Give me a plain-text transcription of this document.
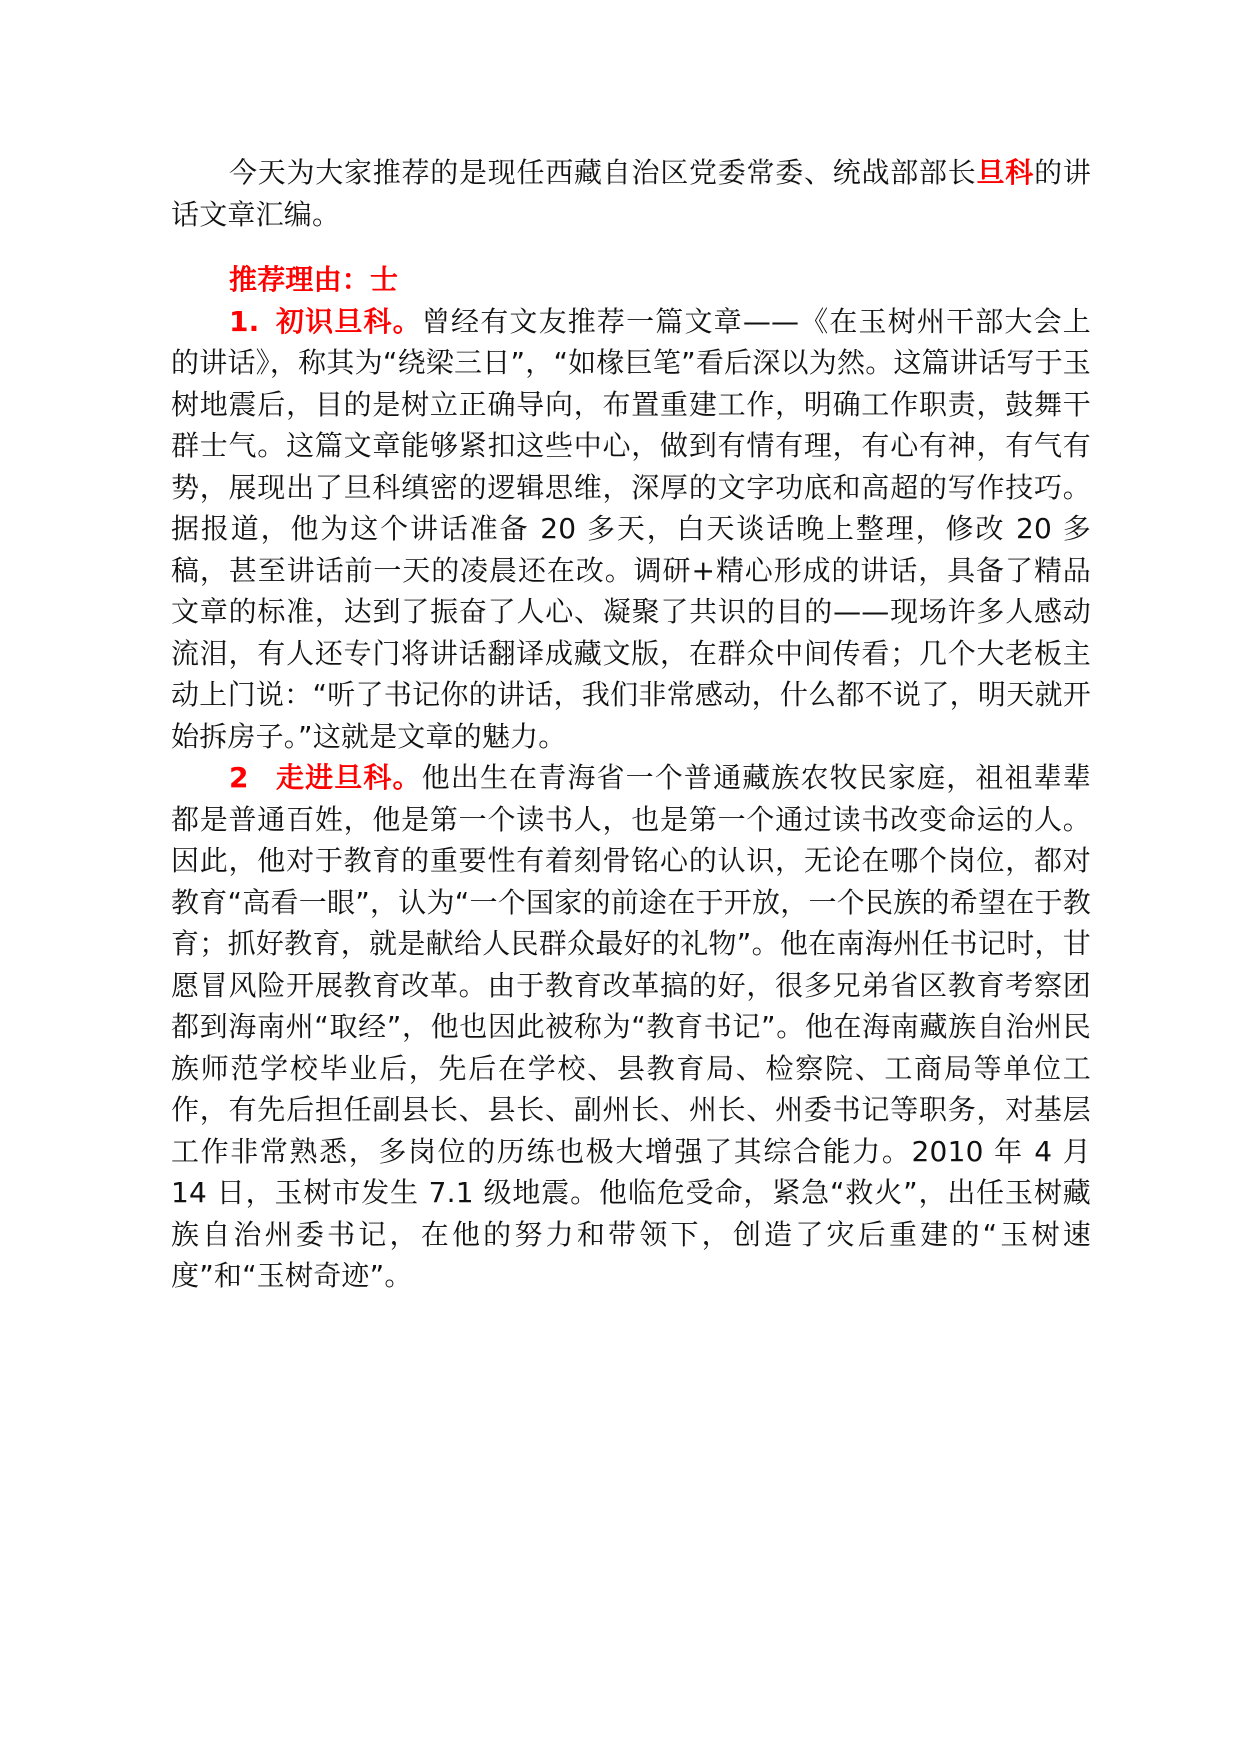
今天为大家推荐的是现任西藏自治区党委常委、统战部部长旦科的讲话文章汇编。

推荐理由：士

1. 初识旦科。曾经有文友推荐一篇文章——《在玉树州干部大会上的讲话》，称其为“绕梁三日”，“如椽巨笔”看后深以为然。这篇讲话写于玉树地震后，目的是树立正确导向，布置重建工作，明确工作职责，鼓舞干群士气。这篇文章能够紧扣这些中心，做到有情有理，有心有神，有气有势，展现出了旦科缜密的逻辑思维，深厚的文字功底和高超的写作技巧。据报道，他为这个讲话准备 20 多天，白天谈话晚上整理，修改 20 多稿，甚至讲话前一天的凌晨还在改。调研+精心形成的讲话，具备了精品文章的标准，达到了振奋了人心、凝聚了共识的目的——现场许多人感动流泪，有人还专门将讲话翻译成藏文版，在群众中间传看；几个大老板主动上门说：“听了书记你的讲话，我们非常感动，什么都不说了，明天就开始拆房子。”这就是文章的魅力。

2 走进旦科。他出生在青海省一个普通藏族农牧民家庭，祖祖辈辈都是普通百姓，他是第一个读书人，也是第一个通过读书改变命运的人。因此，他对于教育的重要性有着刻骨铭心的认识，无论在哪个岗位，都对教育“高看一眼”，认为“一个国家的前途在于开放，一个民族的希望在于教育；抓好教育，就是献给人民群众最好的礼物”。他在南海州任书记时，甘愿冒风险开展教育改革。由于教育改革搞的好，很多兄弟省区教育考察团都到海南州“取经”，他也因此被称为“教育书记”。他在海南藏族自治州民族师范学校毕业后，先后在学校、县教育局、检察院、工商局等单位工作，有先后担任副县长、县长、副州长、州长、州委书记等职务，对基层工作非常熟悉，多岗位的历练也极大增强了其综合能力。2010 年 4 月 14 日，玉树市发生 7.1 级地震。他临危受命，紧急“救火”，出任玉树藏族自治州委书记，在他的努力和带领下，创造了灾后重建的“玉树速度”和“玉树奇迹”。
